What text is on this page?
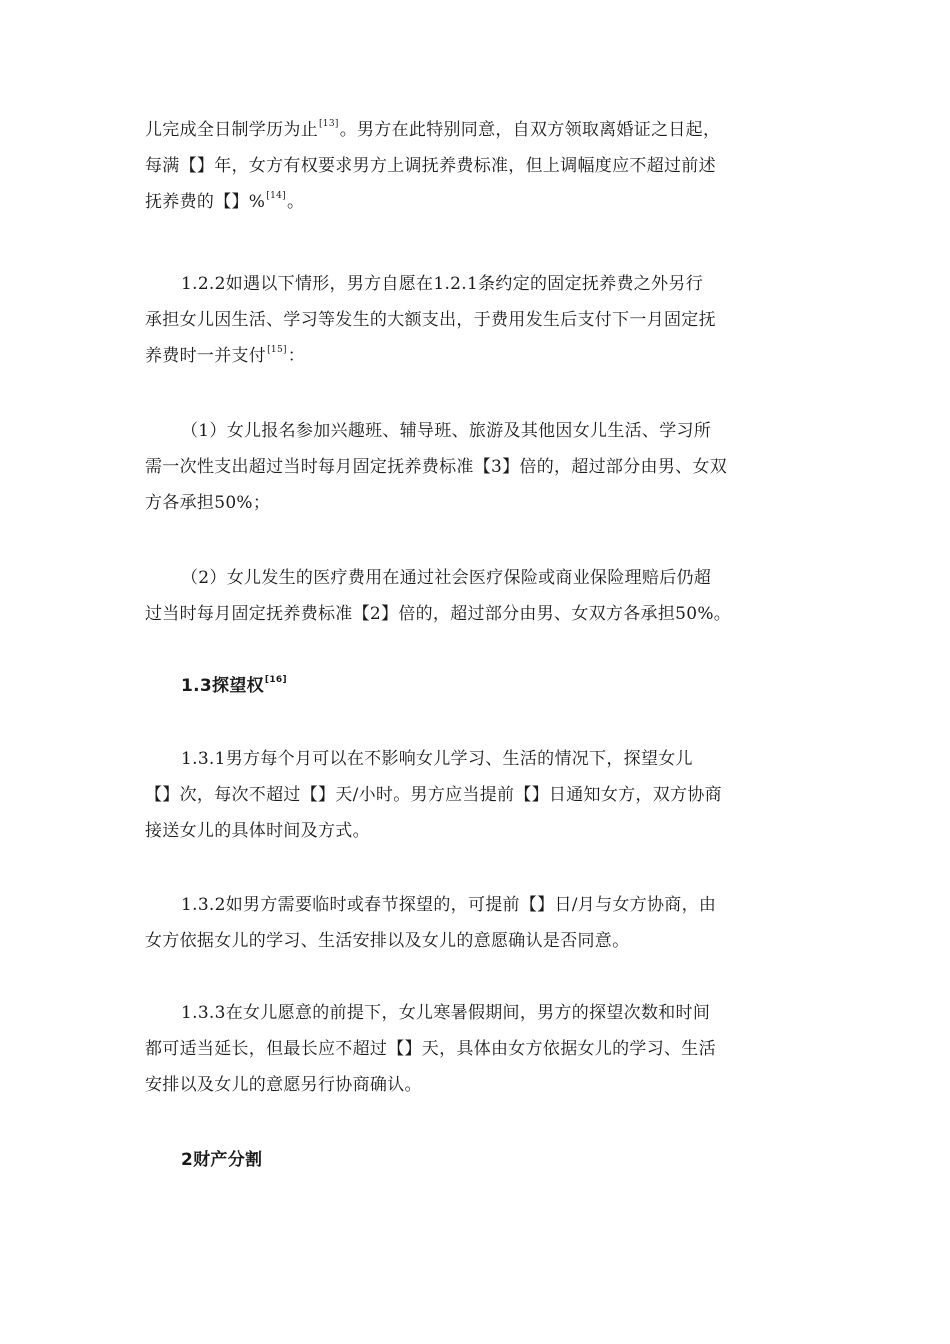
儿完成全日制学历为止[13]。男方在此特别同意，自双方领取离婚证之日起，
每满【】年，女方有权要求男方上调抚养费标准，但上调幅度应不超过前述
抚养费的【】%[14]。
1.2.2如遇以下情形，男方自愿在1.2.1条约定的固定抚养费之外另行
承担女儿因生活、学习等发生的大额支出，于费用发生后支付下一月固定抚
养费时一并支付[15]：
（1）女儿报名参加兴趣班、辅导班、旅游及其他因女儿生活、学习所
需一次性支出超过当时每月固定抚养费标准【3】倍的，超过部分由男、女双
方各承担50%；
（2）女儿发生的医疗费用在通过社会医疗保险或商业保险理赔后仍超
过当时每月固定抚养费标准【2】倍的，超过部分由男、女双方各承担50%。
1.3探望权[16]
1.3.1男方每个月可以在不影响女儿学习、生活的情况下，探望女儿
【】次，每次不超过【】天/小时。男方应当提前【】日通知女方，双方协商
接送女儿的具体时间及方式。
1.3.2如男方需要临时或春节探望的，可提前【】日/月与女方协商，由
女方依据女儿的学习、生活安排以及女儿的意愿确认是否同意。
1.3.3在女儿愿意的前提下，女儿寒暑假期间，男方的探望次数和时间
都可适当延长，但最长应不超过【】天，具体由女方依据女儿的学习、生活
安排以及女儿的意愿另行协商确认。
2财产分割
